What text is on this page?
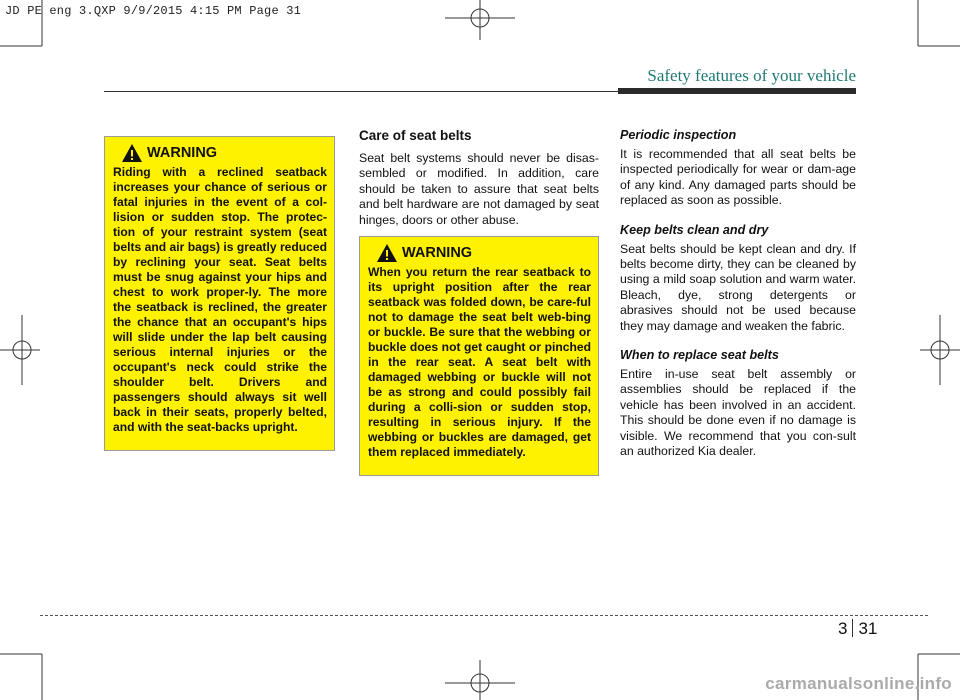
JD PE eng 3.QXP 9/9/2015 4:15 PM Page 31
Safety features of your vehicle
WARNING

Riding with a reclined seatback increases your chance of serious or fatal injuries in the event of a col-lision or sudden stop. The protec-tion of your restraint system (seat belts and air bags) is greatly reduced by reclining your seat. Seat belts must be snug against your hips and chest to work proper-ly. The more the seatback is reclined, the greater the chance that an occupant's hips will slide under the lap belt causing serious internal injuries or the occupant's neck could strike the shoulder belt. Drivers and passengers should always sit well back in their seats, properly belted, and with the seat-backs upright.

Care of seat belts

Seat belt systems should never be disas-sembled or modified. In addition, care should be taken to assure that seat belts and belt hardware are not damaged by seat hinges, doors or other abuse.

WARNING

When you return the rear seatback to its upright position after the rear seatback was folded down, be care-ful not to damage the seat belt web-bing or buckle. Be sure that the webbing or buckle does not get caught or pinched in the rear seat. A seat belt with damaged webbing or buckle will not be as strong and could possibly fail during a colli-sion or sudden stop, resulting in serious injury. If the webbing or buckles are damaged, get them replaced immediately.

Periodic inspection

It is recommended that all seat belts be inspected periodically for wear or dam-age of any kind. Any damaged parts should be replaced as soon as possible.

Keep belts clean and dry

Seat belts should be kept clean and dry. If belts become dirty, they can be cleaned by using a mild soap solution and warm water. Bleach, dye, strong detergents or abrasives should not be used because they may damage and weaken the fabric.

When to replace seat belts

Entire in-use seat belt assembly or assemblies should be replaced if the vehicle has been involved in an accident. This should be done even if no damage is visible. We recommend that you con-sult an authorized Kia dealer.

3 31
carmanualsonline.info
